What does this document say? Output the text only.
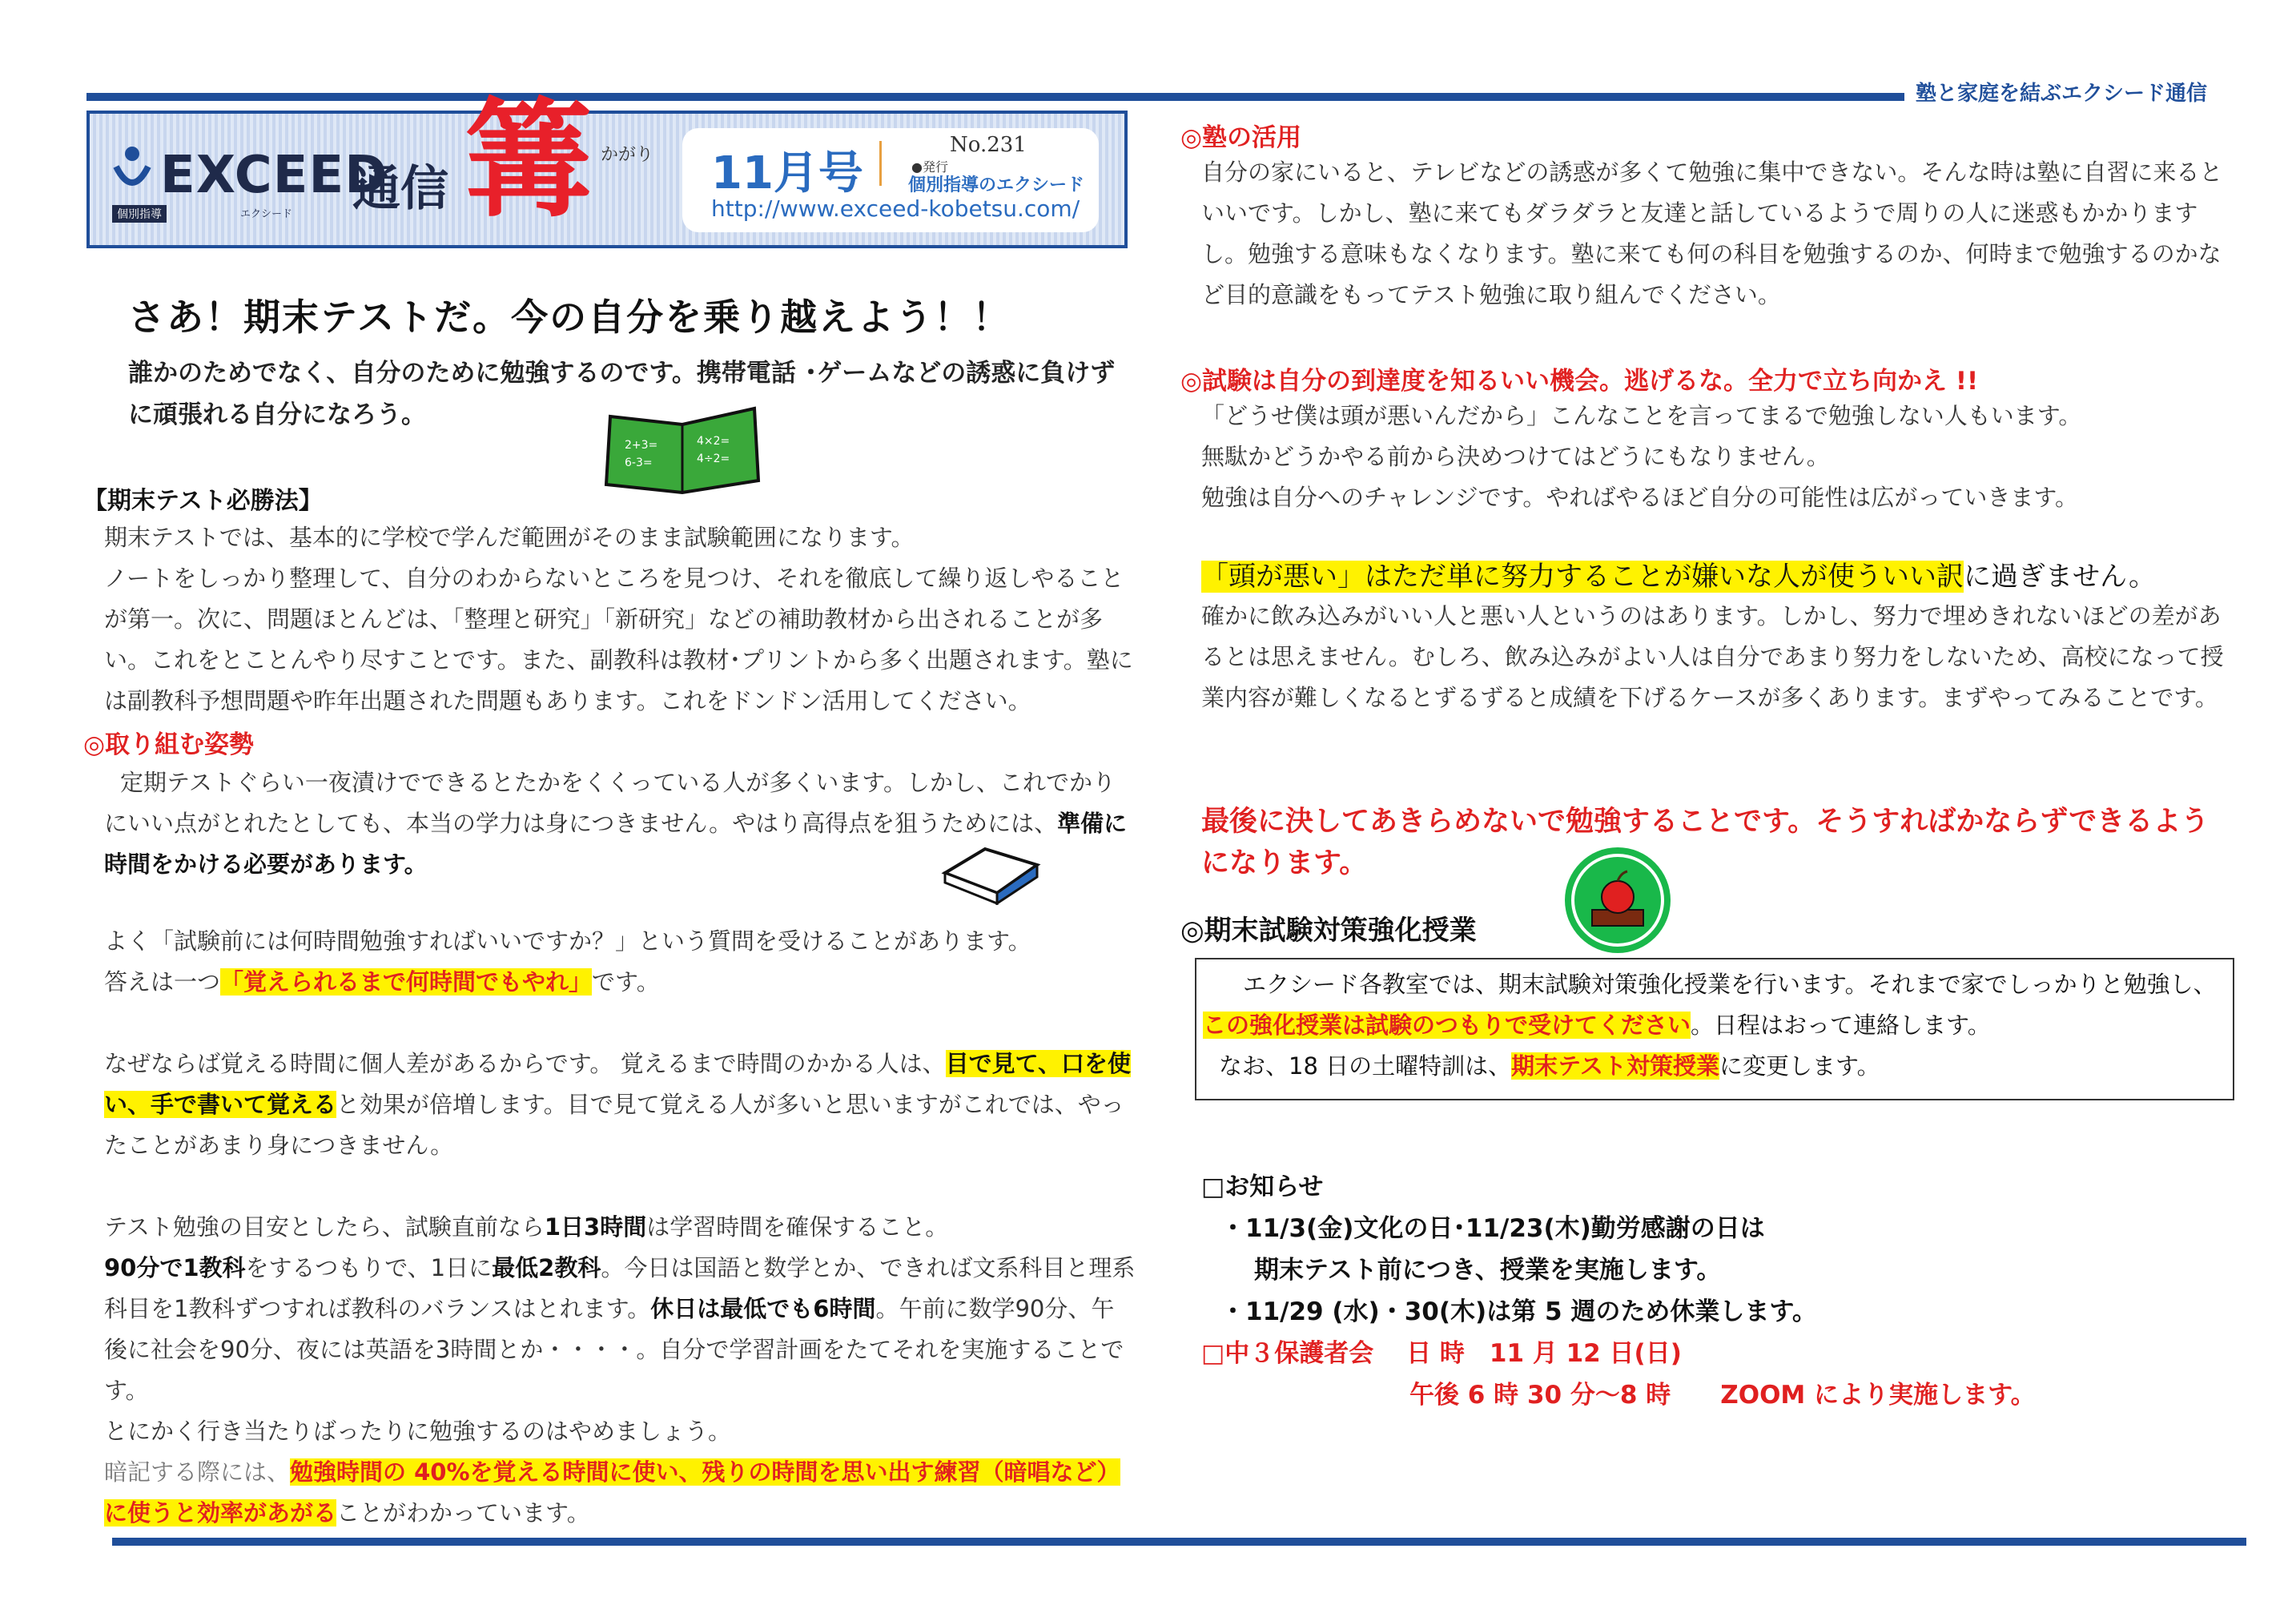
塾と家庭を結ぶエクシード通信
EXCEED
個別指導	エクシード 通信 篝 かがり 11月号
No.231
●発行
個別指導のエクシード
http://www.exceed-kobetsu.com/
さあ！期末テストだ。今の自分を乗り越えよう！！

誰かのためでなく、自分のために勉強するのです。携帯電話 ･ゲームなどの誘惑に負けずに頑張れる自分になろう。

2+3=	4×2=
6-3=	4÷2=
【期末テスト必勝法】

期末テストでは、基本的に学校で学んだ範囲がそのまま試験範囲になります。

ノートをしっかり整理して、自分のわからないところを見つけ、それを徹底して繰り返しやることが第一。次に、問題ほとんどは、「整理と研究」「新研究」などの補助教材から出されることが多い。これをとことんやり尽すことです。また、副教科は教材･プリントから多く出題されます。塾には副教科予想問題や昨年出題された問題もあります。これをドンドン活用してください。

◎取り組む姿勢

定期テストぐらい一夜漬けでできるとたかをくくっている人が多くいます。しかし、これでかりにいい点がとれたとしても、本当の学力は身につきません。やはり高得点を狙うためには、準備に時間をかける必要があります。

よく「試験前には何時間勉強すればいいですか？」という質問を受けることがあります。

答えは一つ「覚えられるまで何時間でもやれ」です。

なぜならば覚える時間に個人差があるからです。 覚えるまで時間のかかる人は、目で見て、口を使い、手で書いて覚えると効果が倍増します。目で見て覚える人が多いと思いますがこれでは、やったことがあまり身につきません。

テスト勉強の目安としたら、試験直前なら1日3時間は学習時間を確保すること。

90分で1教科をするつもりで、1日に最低2教科。今日は国語と数学とか、できれば文系科目と理系科目を1教科ずつすれば教科のバランスはとれます。休日は最低でも6時間。午前に数学90分、午後に社会を90分、夜には英語を3時間とか・・・・。自分で学習計画をたてそれを実施することです。

とにかく行き当たりばったりに勉強するのはやめましょう。

暗記する際には、勉強時間の 40%を覚える時間に使い、残りの時間を思い出す練習（暗唱など）に使うと効率があがることがわかっています。

◎塾の活用

自分の家にいると、テレビなどの誘惑が多くて勉強に集中できない。そんな時は塾に自習に来るといいです。しかし、塾に来てもダラダラと友達と話しているようで周りの人に迷惑もかかりますし。勉強する意味もなくなります。塾に来ても何の科目を勉強するのか、何時まで勉強するのかなど目的意識をもってテスト勉強に取り組んでください。

◎試験は自分の到達度を知るいい機会。逃げるな。全力で立ち向かえ !!

「どうせ僕は頭が悪いんだから」こんなことを言ってまるで勉強しない人もいます。

無駄かどうかやる前から決めつけてはどうにもなりません。

勉強は自分へのチャレンジです。やればやるほど自分の可能性は広がっていきます。

「頭が悪い」はただ単に努力することが嫌いな人が使ういい訳に過ぎません。

確かに飲み込みがいい人と悪い人というのはあります。しかし、努力で埋めきれないほどの差があるとは思えません。むしろ、飲み込みがよい人は自分であまり努力をしないため、高校になって授業内容が難しくなるとずるずると成績を下げるケースが多くあります。まずやってみることです。

最後に決してあきらめないで勉強することです。そうすればかならずできるようになります。

◎期末試験対策強化授業

エクシード各教室では、期末試験対策強化授業を行います。それまで家でしっかりと勉強し、この強化授業は試験のつもりで受けてください。日程はおって連絡します。

なお、18 日の土曜特訓は、期末テスト対策授業に変更します。

□お知らせ

・11/3(金)文化の日･11/23(木)勤労感謝の日は

期末テスト前につき、授業を実施します。

・11/29 (水)・30(木)は第 5 週のため休業します。

□中３保護者会 日 時　11 月 12 日(日)

午後 6 時 30 分～8 時　　ZOOM により実施します。
